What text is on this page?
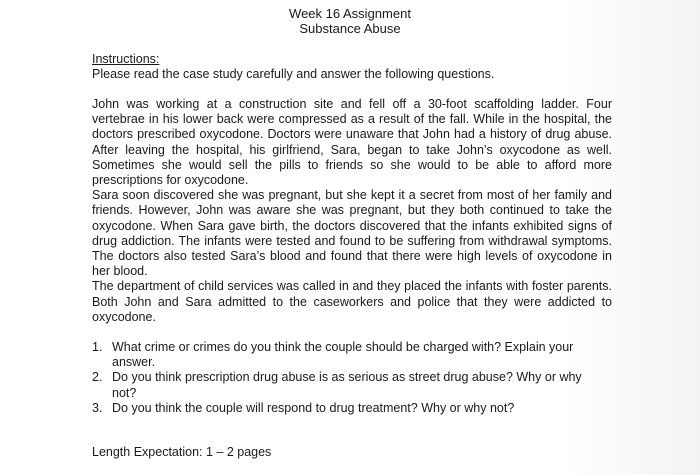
Week 16 Assignment
Substance Abuse
Instructions:
Please read the case study carefully and answer the following questions.

John was working at a construction site and fell off a 30-foot scaffolding ladder. Four vertebrae in his lower back were compressed as a result of the fall. While in the hospital, the doctors prescribed oxycodone. Doctors were unaware that John had a history of drug abuse. After leaving the hospital, his girlfriend, Sara, began to take John’s oxycodone as well. Sometimes she would sell the pills to friends so she would to be able to afford more prescriptions for oxycodone.

Sara soon discovered she was pregnant, but she kept it a secret from most of her family and friends. However, John was aware she was pregnant, but they both continued to take the oxycodone. When Sara gave birth, the doctors discovered that the infants exhibited signs of drug addiction. The infants were tested and found to be suffering from withdrawal symptoms. The doctors also tested Sara’s blood and found that there were high levels of oxycodone in her blood.

The department of child services was called in and they placed the infants with foster parents. Both John and Sara admitted to the caseworkers and police that they were addicted to oxycodone.

1. What crime or crimes do you think the couple should be charged with? Explain your answer.
2. Do you think prescription drug abuse is as serious as street drug abuse? Why or why not?
3. Do you think the couple will respond to drug treatment? Why or why not?
Length Expectation: 1 – 2 pages
